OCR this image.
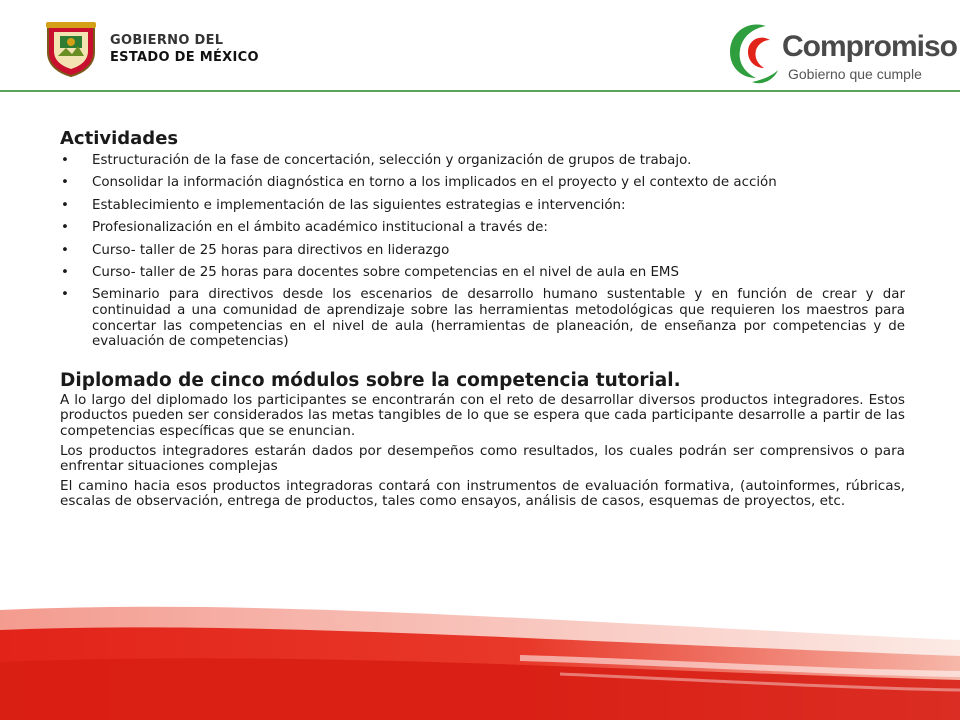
GOBIERNO DEL
ESTADO DE MÉXICO	Compromiso
Gobierno que cumple
Actividades
• Estructuración de la fase de concertación, selección y organización de grupos de trabajo.
• Consolidar la información diagnóstica en torno a los implicados en el proyecto y el contexto de acción
• Establecimiento e implementación de las siguientes estrategias e intervención:
• Profesionalización en el ámbito académico institucional a través de:
• Curso- taller de 25 horas para directivos en liderazgo
• Curso- taller de 25 horas para docentes sobre competencias en el nivel de aula en EMS
• Seminario para directivos desde los escenarios de desarrollo humano sustentable y en función de crear y dar continuidad a una comunidad de aprendizaje sobre las herramientas metodológicas que requieren los maestros para concertar las competencias en el nivel de aula (herramientas de planeación, de enseñanza por competencias y de evaluación de competencias)
Diplomado de cinco módulos sobre la competencia tutorial.

A lo largo del diplomado los participantes se encontrarán con el reto de desarrollar diversos productos integradores. Estos productos pueden ser considerados las metas tangibles de lo que se espera que cada participante desarrolle a partir de las competencias específicas que se enuncian.

Los productos integradores estarán dados por desempeños como resultados, los cuales podrán ser comprensivos o para enfrentar situaciones complejas

El camino hacia esos productos integradoras contará con instrumentos de evaluación formativa, (autoinformes, rúbricas, escalas de observación, entrega de productos, tales como ensayos, análisis de casos, esquemas de proyectos, etc.
